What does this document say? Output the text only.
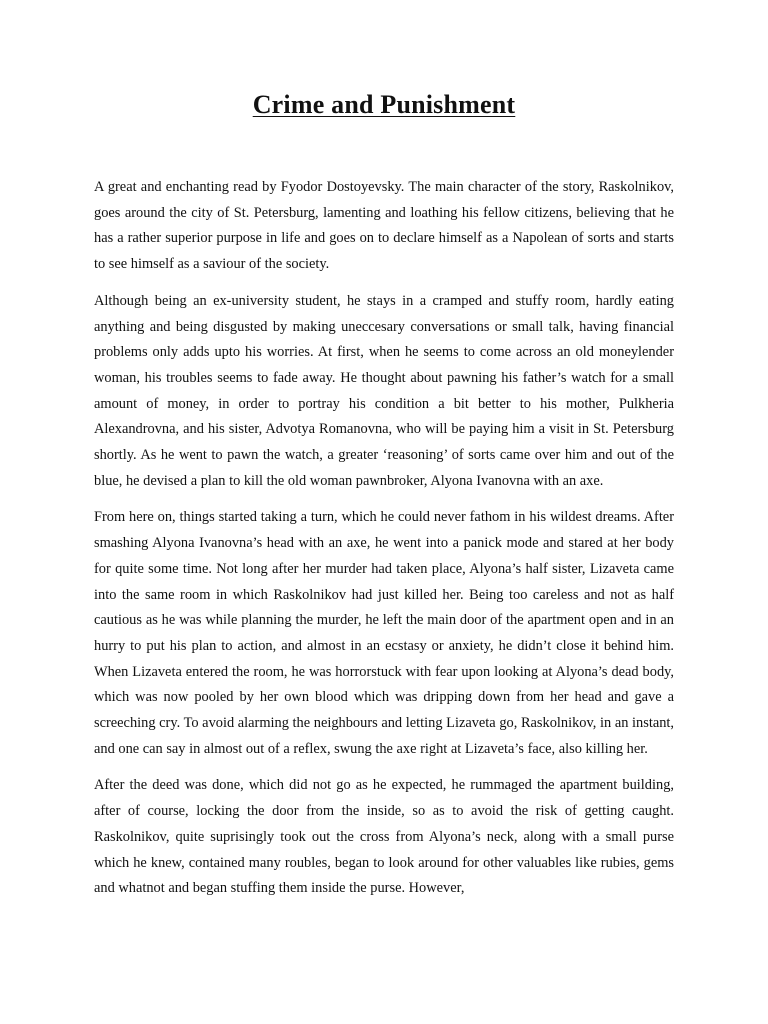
Crime and Punishment

A great and enchanting read by Fyodor Dostoyevsky. The main character of the story, Raskolnikov, goes around the city of St. Petersburg, lamenting and loathing his fellow citizens, believing that he has a rather superior purpose in life and goes on to declare himself as a Napolean of sorts and starts to see himself as a saviour of the society.

Although being an ex-university student, he stays in a cramped and stuffy room, hardly eating anything and being disgusted by making uneccesary conversations or small talk, having financial problems only adds upto his worries. At first, when he seems to come across an old moneylender woman, his troubles seems to fade away. He thought about pawning his father’s watch for a small amount of money, in order to portray his condition a bit better to his mother, Pulkheria Alexandrovna, and his sister, Advotya Romanovna, who will be paying him a visit in St. Petersburg shortly. As he went to pawn the watch, a greater ‘reasoning’ of sorts came over him and out of the blue, he devised a plan to kill the old woman pawnbroker, Alyona Ivanovna with an axe.

From here on, things started taking a turn, which he could never fathom in his wildest dreams. After smashing Alyona Ivanovna’s head with an axe, he went into a panick mode and stared at her body for quite some time. Not long after her murder had taken place, Alyona’s half sister, Lizaveta came into the same room in which Raskolnikov had just killed her. Being too careless and not as half cautious as he was while planning the murder, he left the main door of the apartment open and in an hurry to put his plan to action, and almost in an ecstasy or anxiety, he didn’t close it behind him. When Lizaveta entered the room, he was horrorstuck with fear upon looking at Alyona’s dead body, which was now pooled by her own blood which was dripping down from her head and gave a screeching cry. To avoid alarming the neighbours and letting Lizaveta go, Raskolnikov, in an instant, and one can say in almost out of a reflex, swung the axe right at Lizaveta’s face, also killing her.

After the deed was done, which did not go as he expected, he rummaged the apartment building, after of course, locking the door from the inside, so as to avoid the risk of getting caught. Raskolnikov, quite suprisingly took out the cross from Alyona’s neck, along with a small purse which he knew, contained many roubles, began to look around for other valuables like rubies, gems and whatnot and began stuffing them inside the purse. However,
